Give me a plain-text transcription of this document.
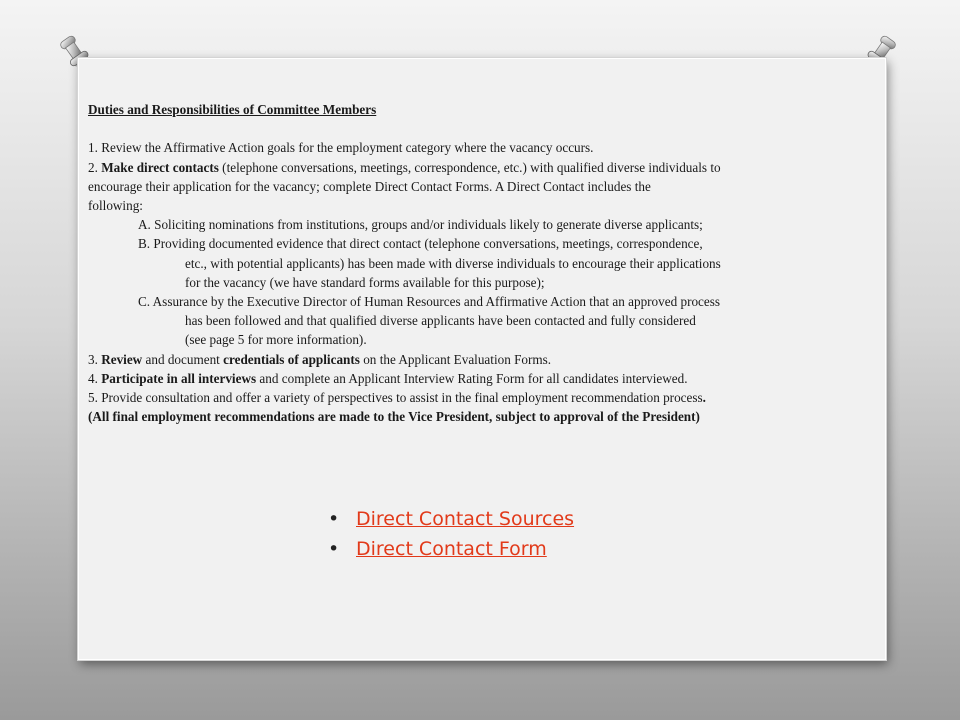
Duties and Responsibilities of Committee Members

1. Review the Affirmative Action goals for the employment category where the vacancy occurs.

2. Make direct contacts (telephone conversations, meetings, correspondence, etc.) with qualified diverse individuals to

encourage their application for the vacancy; complete Direct Contact Forms. A Direct Contact includes the

following:

A. Soliciting nominations from institutions, groups and/or individuals likely to generate diverse applicants;

B. Providing documented evidence that direct contact (telephone conversations, meetings, correspondence,

etc., with potential applicants) has been made with diverse individuals to encourage their applications

for the vacancy (we have standard forms available for this purpose);

C. Assurance by the Executive Director of Human Resources and Affirmative Action that an approved process

has been followed and that qualified diverse applicants have been contacted and fully considered

(see page 5 for more information).

3. Review and document credentials of applicants on the Applicant Evaluation Forms.

4. Participate in all interviews and complete an Applicant Interview Rating Form for all candidates interviewed.

5. Provide consultation and offer a variety of perspectives to assist in the final employment recommendation process.

(All final employment recommendations are made to the Vice President, subject to approval of the President)

• Direct Contact Sources
• Direct Contact Form
